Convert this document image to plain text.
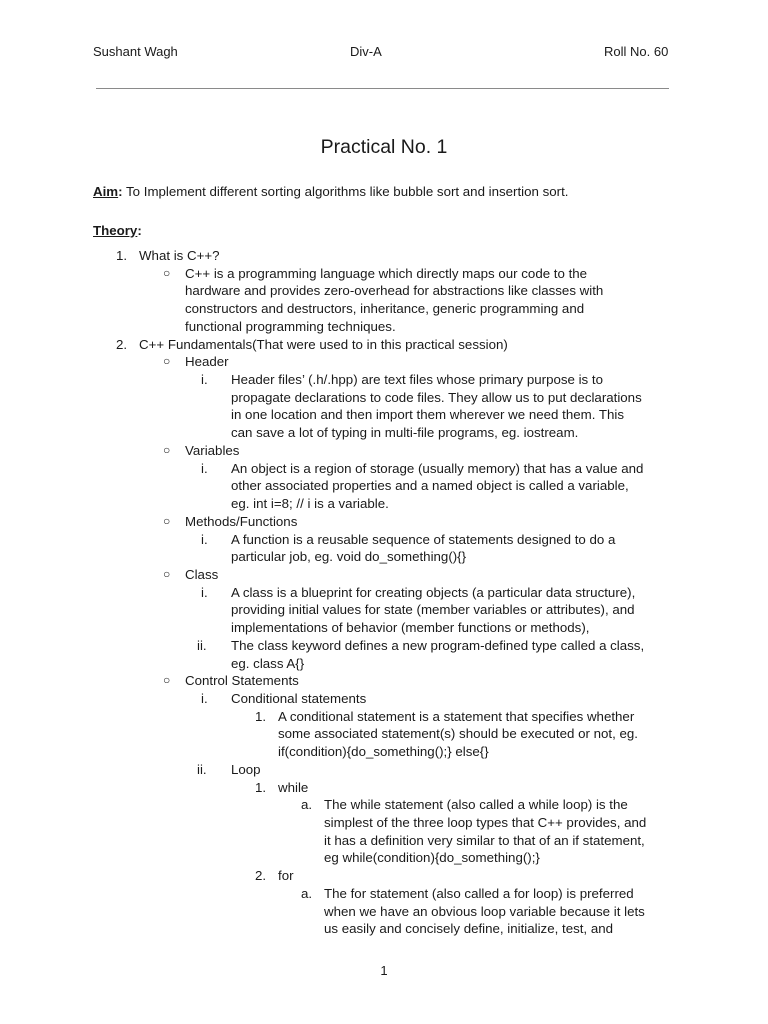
Sushant Wagh	Div-A	Roll No. 60
Practical No. 1
Aim: To Implement different sorting algorithms like bubble sort and insertion sort.
Theory:
1. What is C++?
○ C++ is a programming language which directly maps our code to the
hardware and provides zero-overhead for abstractions like classes with
constructors and destructors, inheritance, generic programming and
functional programming techniques.
2. C++ Fundamentals(That were used to in this practical session)
○ Header
i. Header files’ (.h/.hpp) are text files whose primary purpose is to
propagate declarations to code files. They allow us to put declarations
in one location and then import them wherever we need them. This
can save a lot of typing in multi-file programs, eg. iostream.
○ Variables
i. An object is a region of storage (usually memory) that has a value and
other associated properties and a named object is called a variable,
eg. int i=8; // i is a variable.
○ Methods/Functions
i. A function is a reusable sequence of statements designed to do a
particular job, eg. void do_something(){}
○ Class
i. A class is a blueprint for creating objects (a particular data structure),
providing initial values for state (member variables or attributes), and
implementations of behavior (member functions or methods),
ii. The class keyword defines a new program-defined type called a class,
eg. class A{}
○ Control Statements
i. Conditional statements
1. A conditional statement is a statement that specifies whether
some associated statement(s) should be executed or not, eg.
if(condition){do_something();} else{}
ii. Loop
1. while
a. The while statement (also called a while loop) is the
simplest of the three loop types that C++ provides, and
it has a definition very similar to that of an if statement,
eg while(condition){do_something();}
2. for
a. The for statement (also called a for loop) is preferred
when we have an obvious loop variable because it lets
us easily and concisely define, initialize, test, and
1
